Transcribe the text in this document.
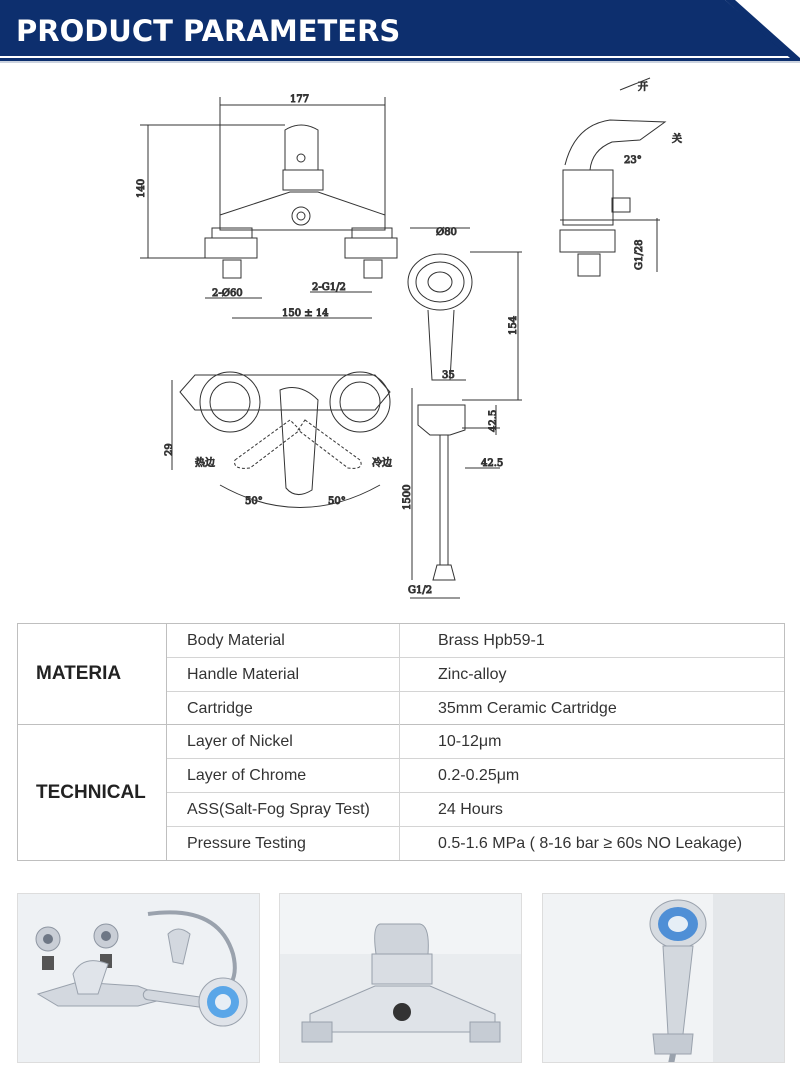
PRODUCT PARAMETERS
177
140
2-Ø60
2-G1/2
150 ± 14
Ø80
154
35
42.5
42.5
1500
G1/2
29
热边	冷边
50°	50°
开
关
23°
G1/28
MATERIA
Body Material	Brass Hpb59-1
Handle Material	Zinc-alloy
Cartridge	35mm Ceramic Cartridge
TECHNICAL
Layer of Nickel	10-12μm
Layer of Chrome	0.2-0.25μm
ASS(Salt-Fog Spray Test)	24 Hours
Pressure Testing	0.5-1.6 MPa ( 8-16 bar ≥ 60s NO Leakage)
